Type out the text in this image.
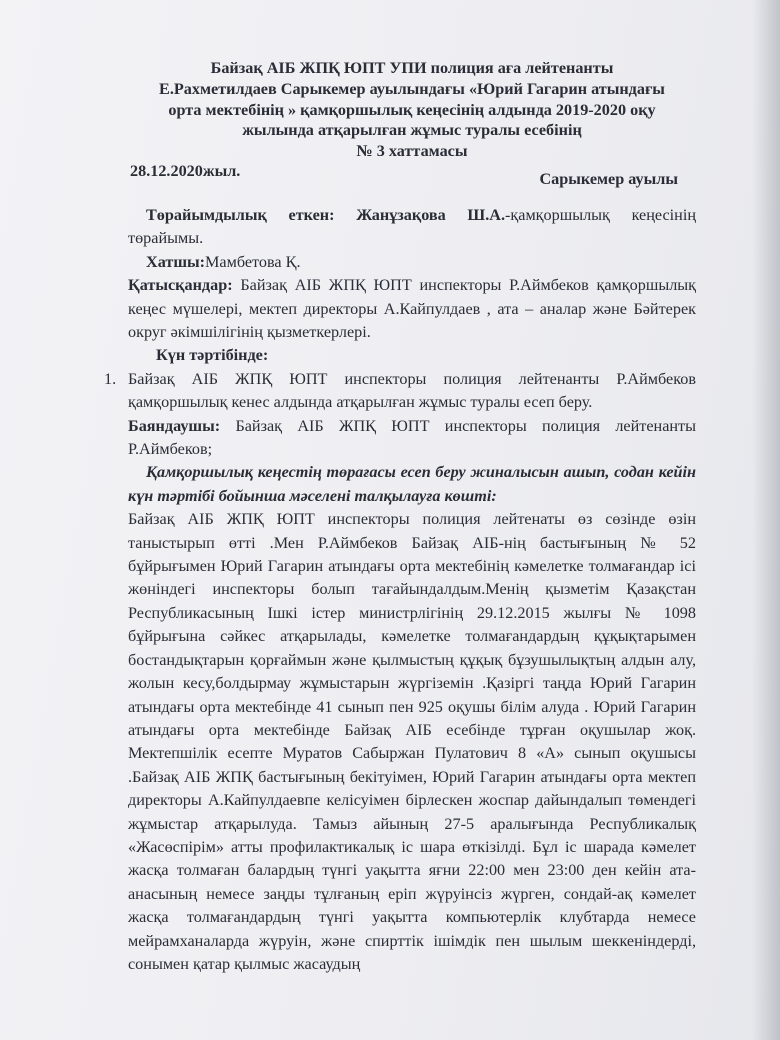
Байзақ АІБ ЖПҚ ЮПТ УПИ полиция аға лейтенанты

Е.Рахметилдаев Сарыкемер ауылындағы «Юрий Гагарин атындағы

орта мектебінің » қамқоршылық кеңесінің алдында 2019-2020 оқу

жылында атқарылған жұмыс туралы есебінің

№ 3 хаттамасы

28.12.2020жыл.	Сарыкемер ауылы

Төрайымдылық еткен: Жанұзақова Ш.А.-қамқоршылық кеңесінің төрайымы.

Хатшы:Мамбетова Қ.

Қатысқандар: Байзақ АІБ ЖПҚ ЮПТ инспекторы Р.Аймбеков қамқоршылық кеңес мүшелері, мектеп директоры А.Кайпулдаев , ата – аналар және Бәйтерек округ әкімшілігінің қызметкерлері.

Күн тәртібінде:

1. Байзақ АІБ ЖПҚ ЮПТ инспекторы полиция лейтенанты Р.Аймбеков қамқоршылық кенес алдында атқарылған жұмыс туралы есеп беру.

Баяндаушы: Байзақ АІБ ЖПҚ ЮПТ инспекторы полиция лейтенанты Р.Аймбеков;

Қамқоршылық кеңестің төрағасы есеп беру жиналысын ашып, содан кейін күн тәртібі бойынша мәселені талқылауға көшті:

Байзақ АІБ ЖПҚ ЮПТ инспекторы полиция лейтенаты өз сөзінде өзін таныстырып өтті .Мен Р.Аймбеков Байзақ АІБ-нің бастығының № 52 бұйрығымен Юрий Гагарин атындағы орта мектебінің кәмелетке толмағандар ісі жөніндегі инспекторы болып тағайындалдым.Менің қызметім Қазақстан Республикасының Ішкі істер министрлігінің 29.12.2015 жылғы № 1098 бұйрығына сәйкес атқарылады, кәмелетке толмағандардың құқықтарымен бостандықтарын қорғаймын және қылмыстың құқық бұзушылықтың алдын алу, жолын кесу,болдырмау жұмыстарын жүргіземін .Қазіргі таңда Юрий Гагарин атындағы орта мектебінде 41 сынып пен 925 оқушы білім алуда . Юрий Гагарин атындағы орта мектебінде Байзақ АІБ есебінде тұрған оқушылар жоқ. Мектепшілік есепте Муратов Сабыржан Пулатович 8 «А» сынып оқушысы .Байзақ АІБ ЖПҚ бастығының бекітуімен, Юрий Гагарин атындағы орта мектеп директоры А.Кайпулдаевпе келісуімен бірлескен жоспар дайындалып төмендегі жұмыстар атқарылуда. Тамыз айының 27-5 аралығында Республикалық «Жасөспірім» атты профилактикалық іс шара өткізілді. Бұл іс шарада кәмелет жасқа толмаған балардың түнгі уақытта яғни 22:00 мен 23:00 ден кейін ата-анасының немесе заңды тұлғаның еріп жүруінсіз жүрген, сондай-ақ кәмелет жасқа толмағандардың түнгі уақытта компьютерлік клубтарда немесе мейрамханаларда жүруін, және спирттік ішімдік пен шылым шеккеніндерді, сонымен қатар қылмыс жасаудың
